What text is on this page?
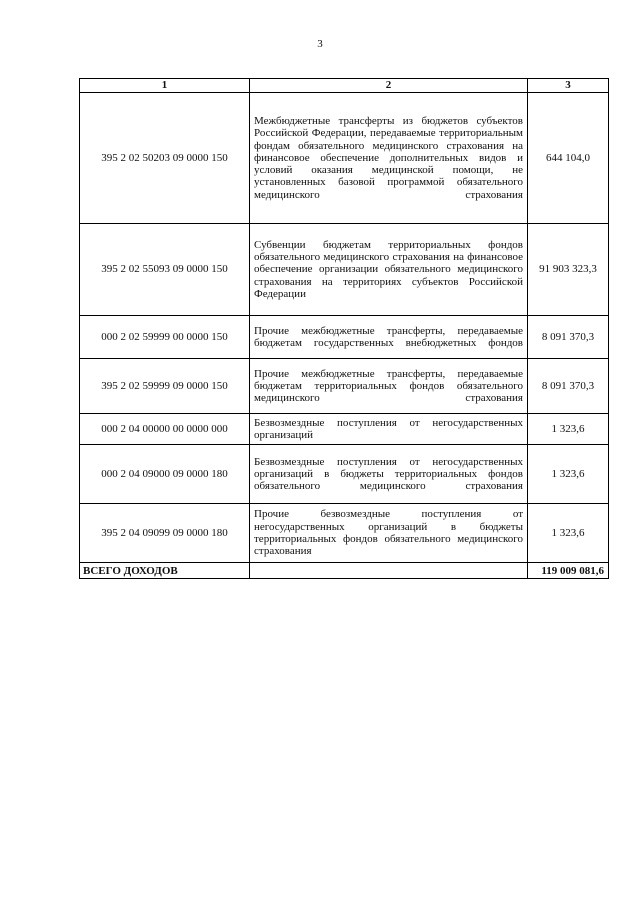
3
1	2	3
395 2 02 50203 09 0000 150	Межбюджетные трансферты из бюджетов субъектов Российской Федерации, передаваемые территориальным фондам обязательного медицинского страхования на финансовое обеспечение дополнительных видов и условий оказания медицинской помощи, не установленных базовой программой обязательного медицинского страхования	644 104,0
395 2 02 55093 09 0000 150	Субвенции бюджетам территориальных фондов обязательного медицинского страхования на финансовое обеспечение организации обязательного медицинского страхования на территориях субъектов Российской Федерации	91 903 323,3
000 2 02 59999 00 0000 150	Прочие межбюджетные трансферты, передаваемые бюджетам государственных внебюджетных фондов	8 091 370,3
395 2 02 59999 09 0000 150	Прочие межбюджетные трансферты, передаваемые бюджетам территориальных фондов обязательного медицинского страхования	8 091 370,3
000 2 04 00000 00 0000 000	Безвозмездные поступления от негосударственных организаций	1 323,6
000 2 04 09000 09 0000 180	Безвозмездные поступления от негосударственных организаций в бюджеты территориальных фондов обязательного медицинского страхования	1 323,6
395 2 04 09099 09 0000 180	Прочие безвозмездные поступления от негосударственных организаций в бюджеты территориальных фондов обязательного медицинского страхования	1 323,6
ВСЕГО ДОХОДОВ		119 009 081,6
